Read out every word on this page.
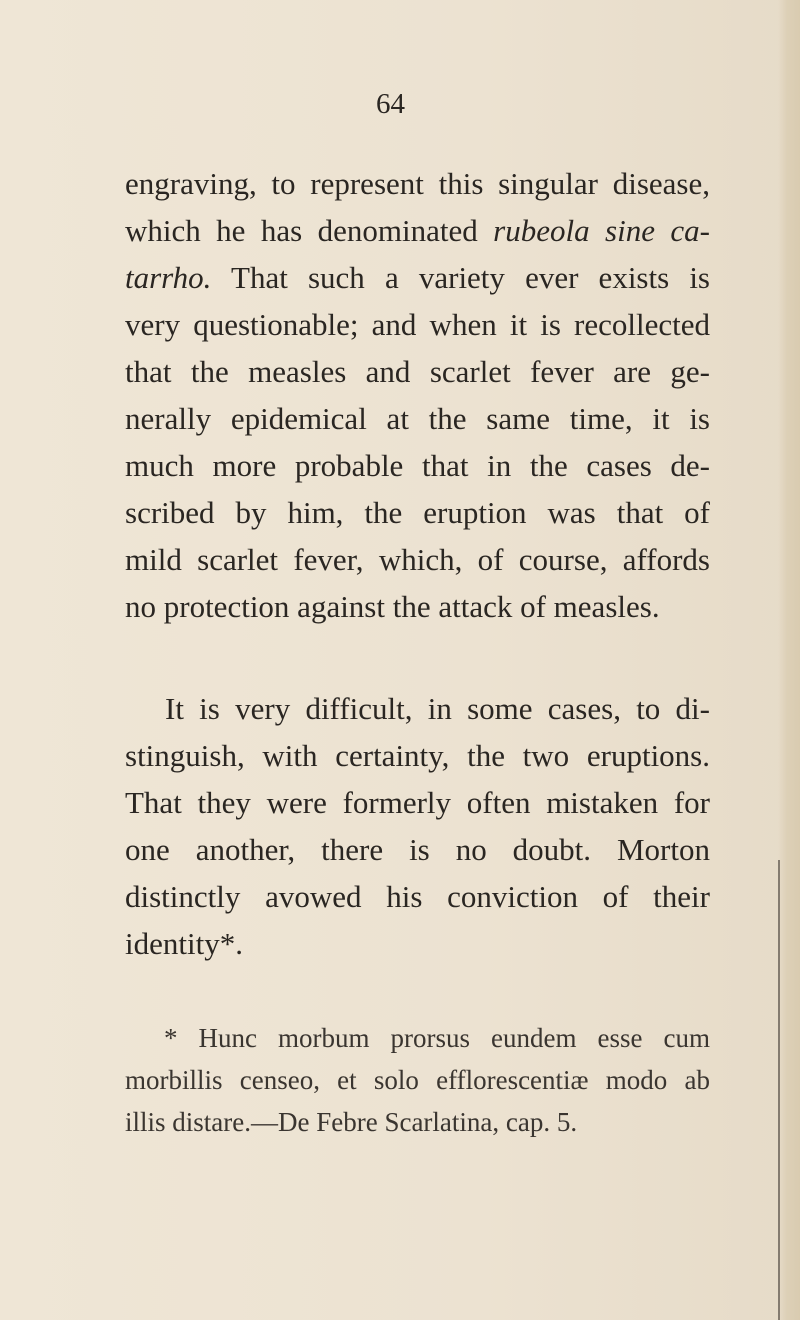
64
engraving, to represent this singular disease,
which he has denominated rubeola sine ca-
tarrho. That such a variety ever exists is
very questionable; and when it is recollected
that the measles and scarlet fever are ge-
nerally epidemical at the same time, it is
much more probable that in the cases de-
scribed by him, the eruption was that of
mild scarlet fever, which, of course, affords
no protection against the attack of measles.
It is very difficult, in some cases, to di-
stinguish, with certainty, the two eruptions.
That they were formerly often mistaken for
one another, there is no doubt. Morton
distinctly avowed his conviction of their
identity*.
* Hunc morbum prorsus eundem esse cum
morbillis censeo, et solo efflorescentiæ modo ab
illis distare.—De Febre Scarlatina, cap. 5.
